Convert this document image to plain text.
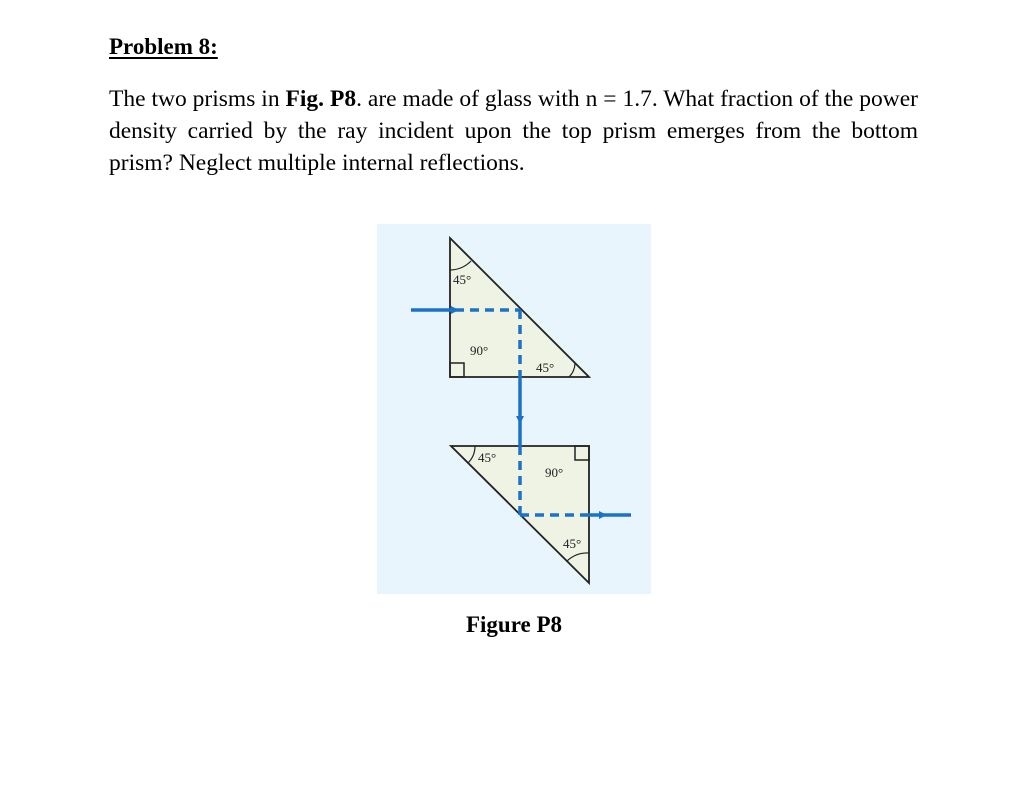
Problem 8:

The two prisms in Fig. P8. are made of glass with n = 1.7. What fraction of the power density carried by the ray incident upon the top prism emerges from the bottom prism? Neglect multiple internal reflections.

45°
90°
45°
45°
90°
45°

Figure P8
